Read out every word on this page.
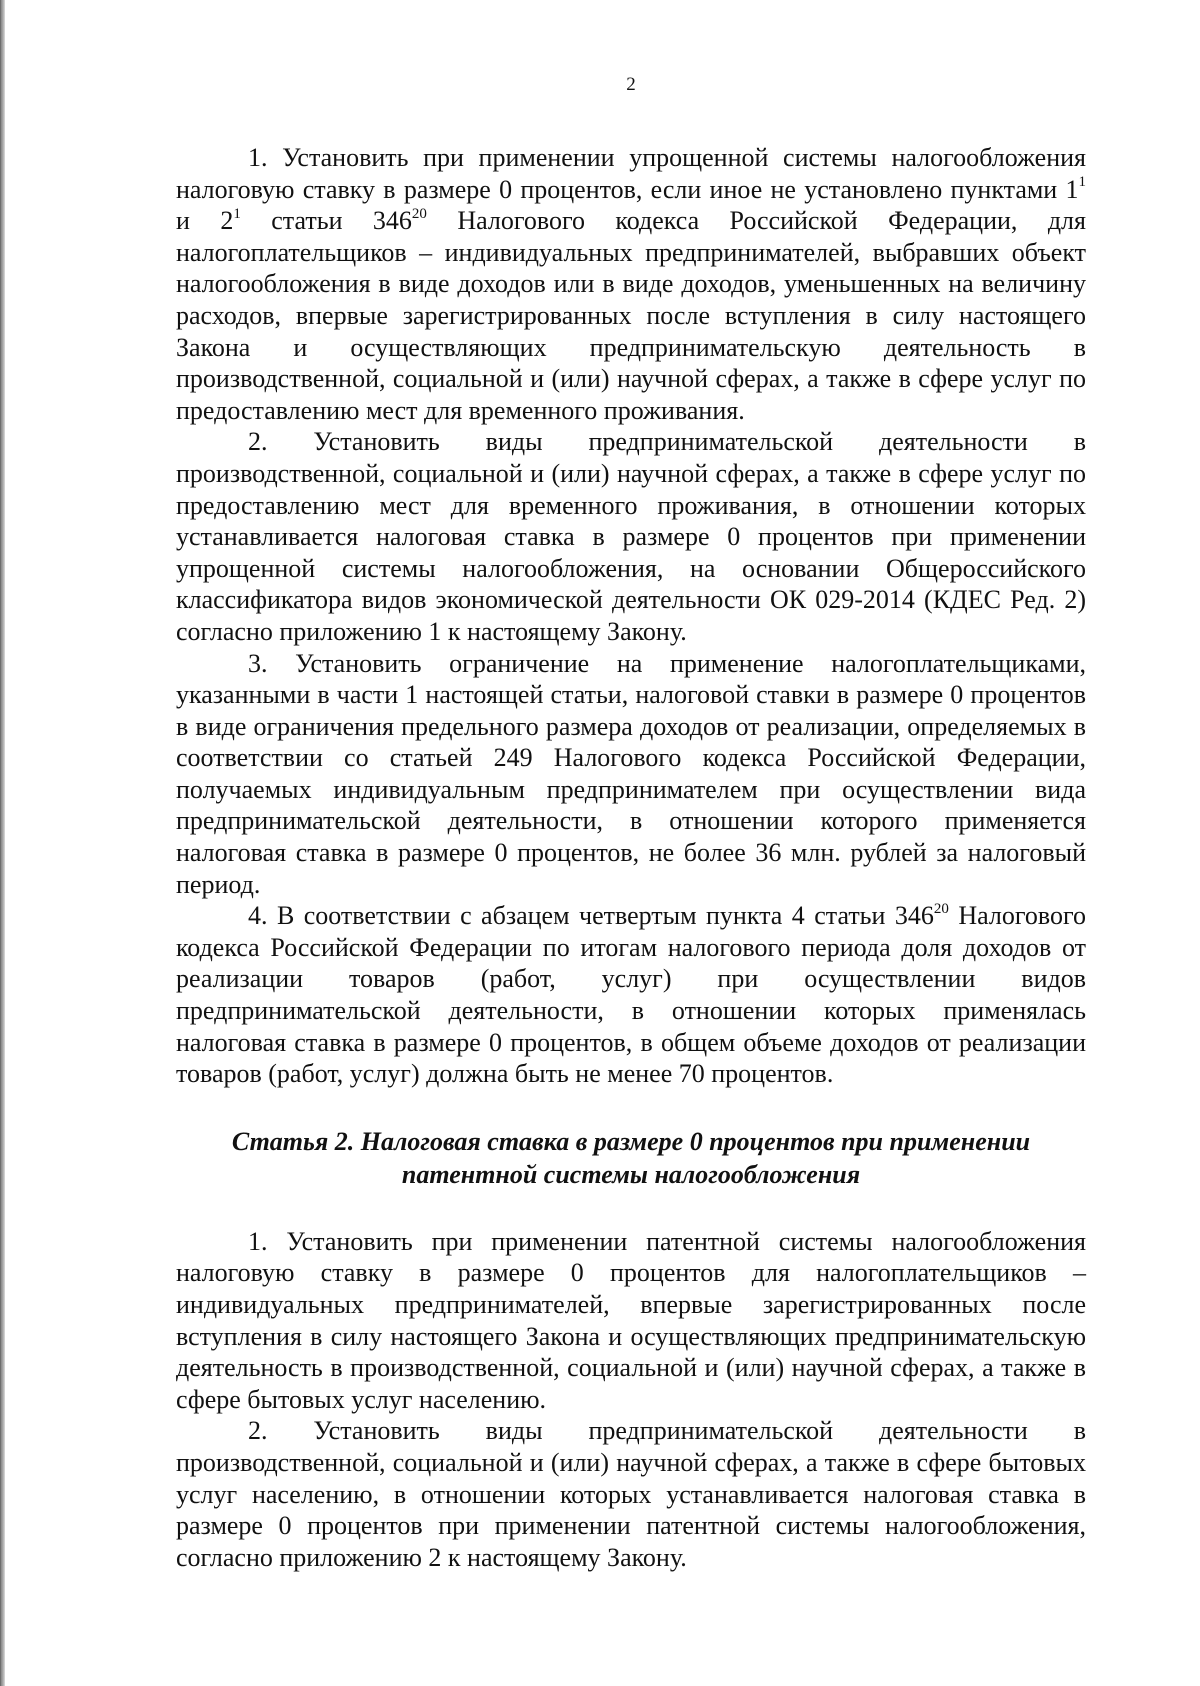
2

1. Установить при применении упрощенной системы налогообложения налоговую ставку в размере 0 процентов, если иное не установлено пунктами $1^1$ и $2^1$ статьи $346^{20}$ Налогового кодекса Российской Федерации, для налогоплательщиков – индивидуальных предпринимателей, выбравших объект налогообложения в виде доходов или в виде доходов, уменьшенных на величину расходов, впервые зарегистрированных после вступления в силу настоящего Закона и осуществляющих предпринимательскую деятельность в производственной, социальной и (или) научной сферах, а также в сфере услуг по предоставлению мест для временного проживания.

2. Установить виды предпринимательской деятельности в производственной, социальной и (или) научной сферах, а также в сфере услуг по предоставлению мест для временного проживания, в отношении которых устанавливается налоговая ставка в размере 0 процентов при применении упрощенной системы налогообложения, на основании Общероссийского классификатора видов экономической деятельности ОК 029-2014 (КДЕС Ред. 2) согласно приложению 1 к настоящему Закону.

3. Установить ограничение на применение налогоплательщиками, указанными в части 1 настоящей статьи, налоговой ставки в размере 0 процентов в виде ограничения предельного размера доходов от реализации, определяемых в соответствии со статьей 249 Налогового кодекса Российской Федерации, получаемых индивидуальным предпринимателем при осуществлении вида предпринимательской деятельности, в отношении которого применяется налоговая ставка в размере 0 процентов, не более 36 млн. рублей за налоговый период.

4. В соответствии с абзацем четвертым пункта 4 статьи $346^{20}$ Налогового кодекса Российской Федерации по итогам налогового периода доля доходов от реализации товаров (работ, услуг) при осуществлении видов предпринимательской деятельности, в отношении которых применялась налоговая ставка в размере 0 процентов, в общем объеме доходов от реализации товаров (работ, услуг) должна быть не менее 70 процентов.

Статья 2. Налоговая ставка в размере 0 процентов при применении
патентной системы налогообложения

1. Установить при применении патентной системы налогообложения налоговую ставку в размере 0 процентов для налогоплательщиков – индивидуальных предпринимателей, впервые зарегистрированных после вступления в силу настоящего Закона и осуществляющих предпринимательскую деятельность в производственной, социальной и (или) научной сферах, а также в сфере бытовых услуг населению.

2. Установить виды предпринимательской деятельности в производственной, социальной и (или) научной сферах, а также в сфере бытовых услуг населению, в отношении которых устанавливается налоговая ставка в размере 0 процентов при применении патентной системы налогообложения, согласно приложению 2 к настоящему Закону.
